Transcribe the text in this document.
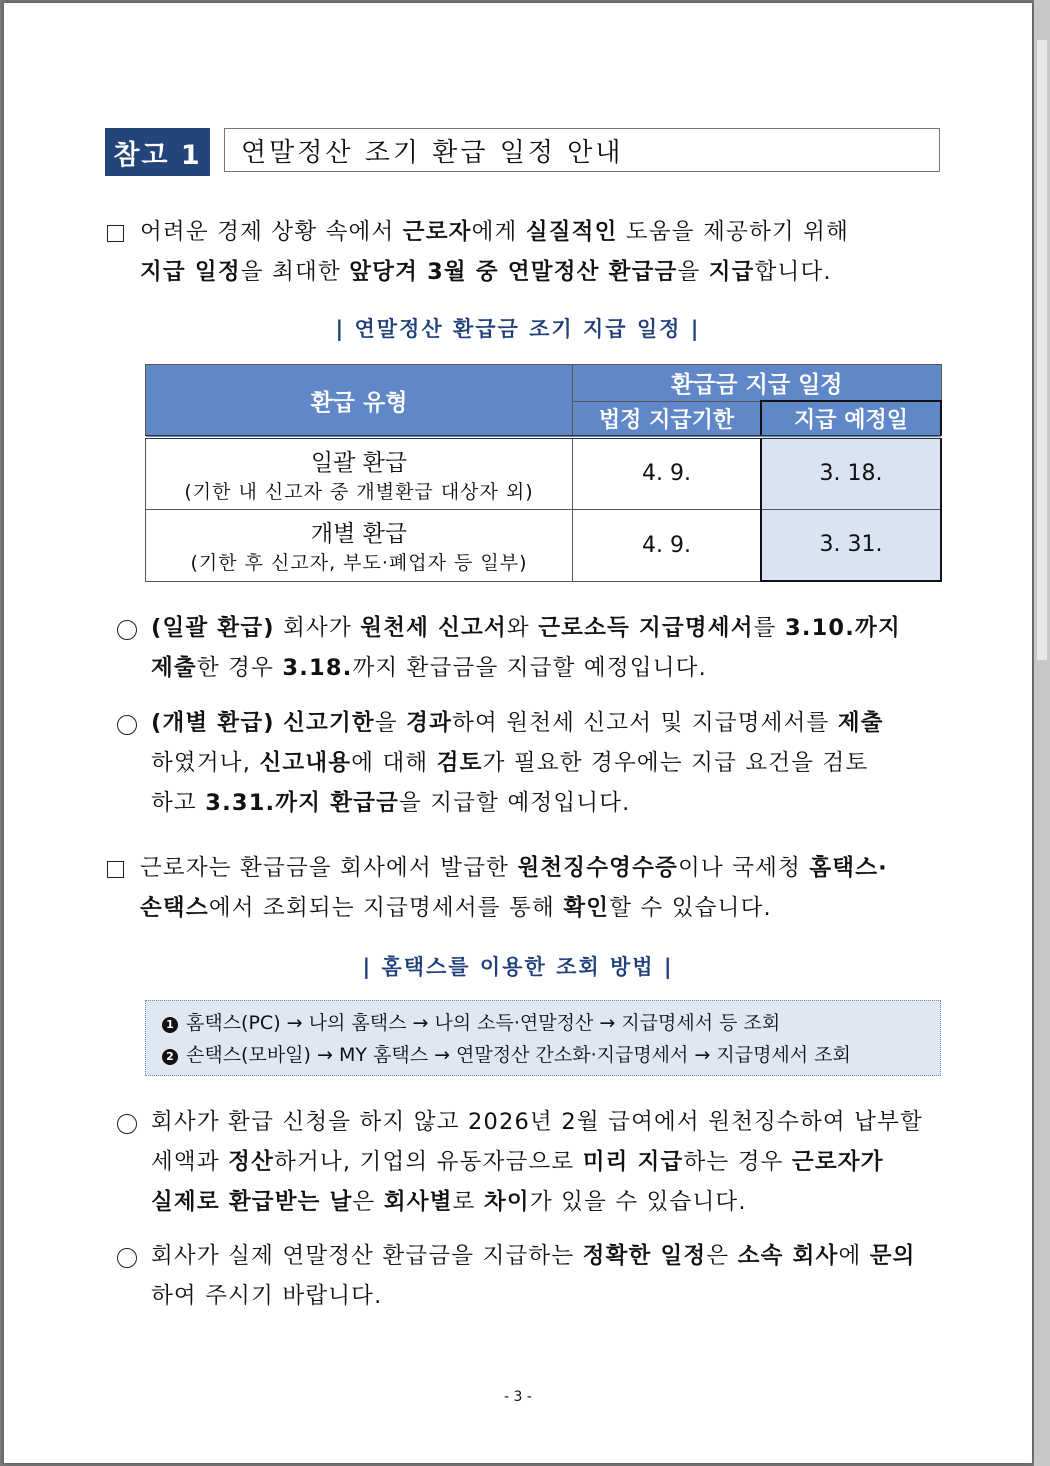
참고 1	연말정산 조기 환급 일정 안내
어려운 경제 상황 속에서 근로자에게 실질적인 도움을 제공하기 위해
지급 일정을 최대한 앞당겨 3월 중 연말정산 환급금을 지급합니다.
| 연말정산 환급금 조기 지급 일정 |
환급 유형	환급금 지급 일정	
	법정 지급기한	지급 예정일

일괄 환급
(기한 내 신고자 중 개별환급 대상자 외)	4. 9.	3. 18.

개별 환급
(기한 후 신고자, 부도·폐업자 등 일부)	4. 9.	3. 31.
(일괄 환급) 회사가 원천세 신고서와 근로소득 지급명세서를 3.10.까지
제출한 경우 3.18.까지 환급금을 지급할 예정입니다.
(개별 환급) 신고기한을 경과하여 원천세 신고서 및 지급명세서를 제출
하였거나, 신고내용에 대해 검토가 필요한 경우에는 지급 요건을 검토
하고 3.31.까지 환급금을 지급할 예정입니다.
근로자는 환급금을 회사에서 발급한 원천징수영수증이나 국세청 홈택스·
손택스에서 조회되는 지급명세서를 통해 확인할 수 있습니다.
| 홈택스를 이용한 조회 방법 |
1 홈택스(PC) → 나의 홈택스 → 나의 소득·연말정산 → 지급명세서 등 조회
2 손택스(모바일) → MY 홈택스 → 연말정산 간소화·지급명세서 → 지급명세서 조회
회사가 환급 신청을 하지 않고 2026년 2월 급여에서 원천징수하여 납부할
세액과 정산하거나, 기업의 유동자금으로 미리 지급하는 경우 근로자가
실제로 환급받는 날은 회사별로 차이가 있을 수 있습니다.
회사가 실제 연말정산 환급금을 지급하는 정확한 일정은 소속 회사에 문의
하여 주시기 바랍니다.
- 3 -
